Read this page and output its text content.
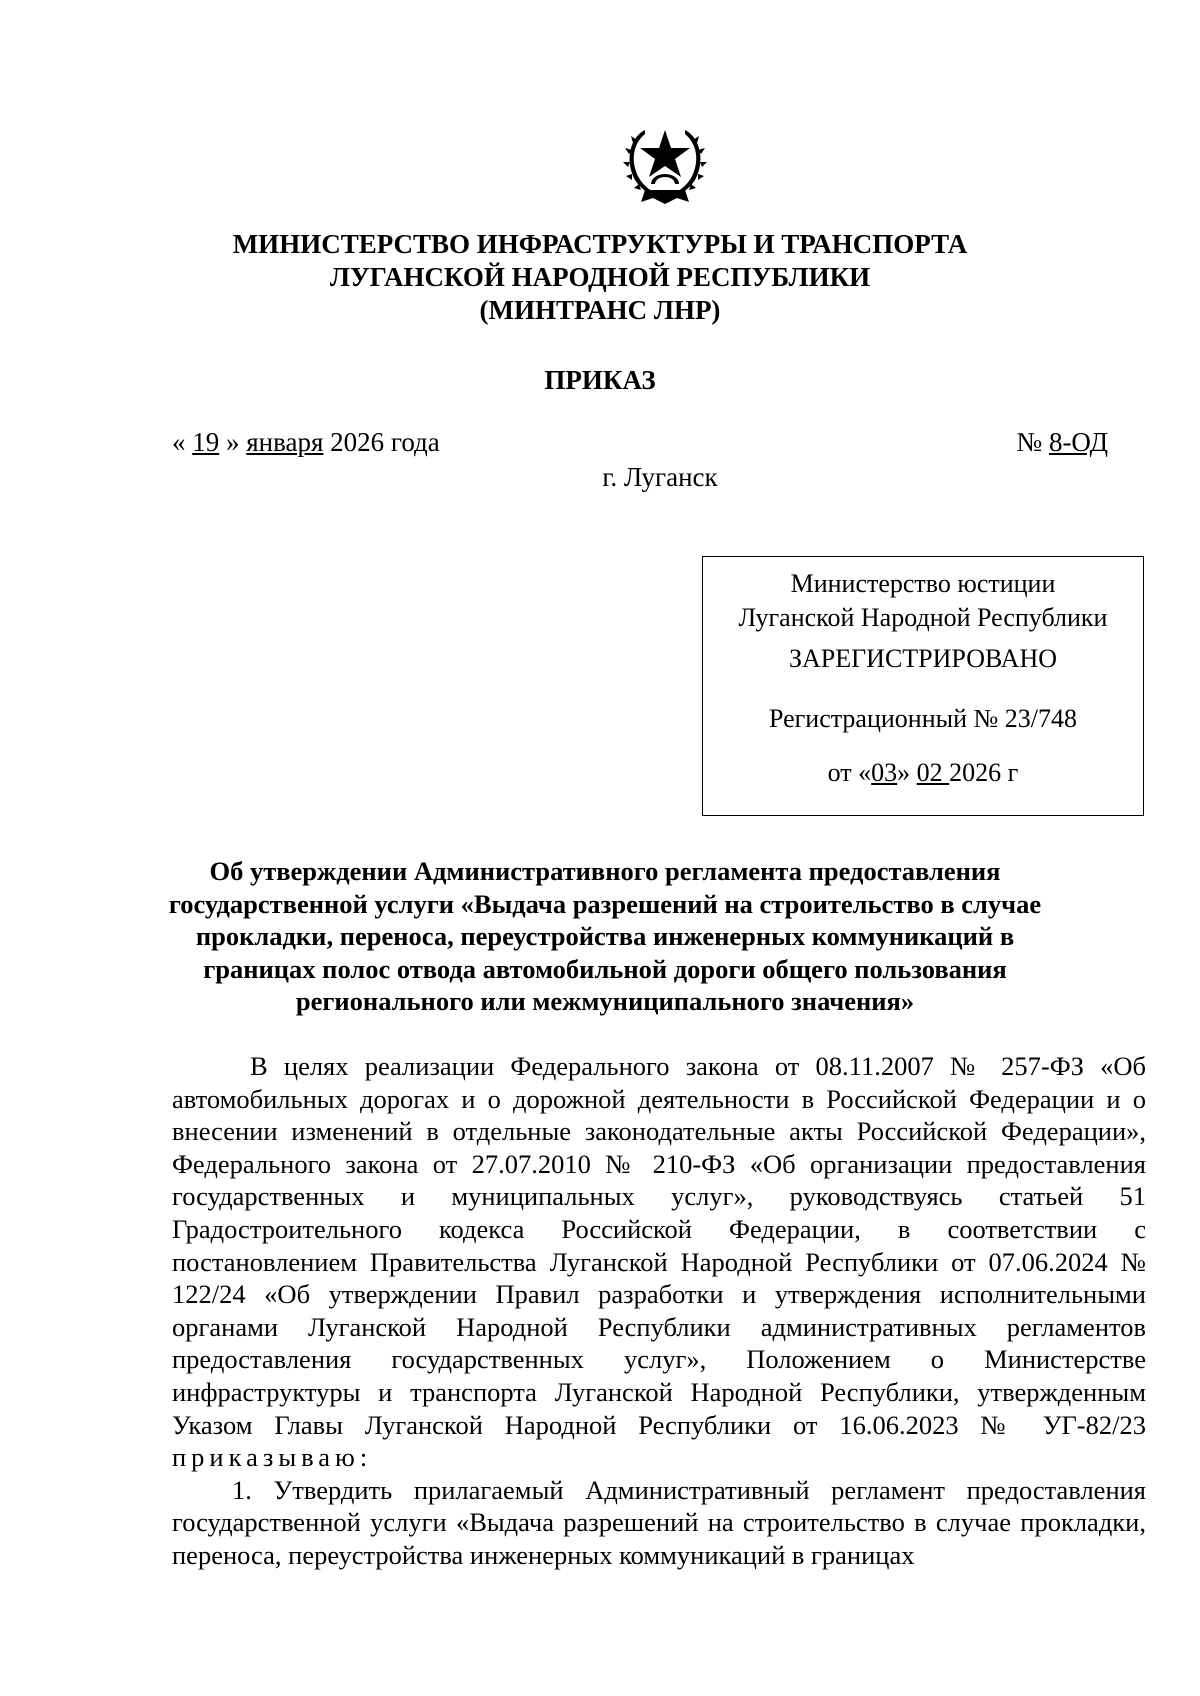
МИНИСТЕРСТВО ИНФРАСТРУКТУРЫ И ТРАНСПОРТА
ЛУГАНСКОЙ НАРОДНОЙ РЕСПУБЛИКИ
(МИНТРАНС ЛНР)
ПРИКАЗ
« 19 » января 2026 года	№ 8-ОД
г. Луганск
Министерство юстиции
Луганской Народной Республики
ЗАРЕГИСТРИРОВАНО
Регистрационный № 23/748
от «03» 02 2026 г
Об утверждении Административного регламента предоставления государственной услуги «Выдача разрешений на строительство в случае прокладки, переноса, переустройства инженерных коммуникаций в границах полос отвода автомобильной дороги общего пользования регионального или межмуниципального значения»

В целях реализации Федерального закона от 08.11.2007 № 257-ФЗ «Об автомобильных дорогах и о дорожной деятельности в Российской Федерации и о внесении изменений в отдельные законодательные акты Российской Федерации», Федерального закона от 27.07.2010 № 210-ФЗ «Об организации предоставления государственных и муниципальных услуг», руководствуясь статьей 51 Градостроительного кодекса Российской Федерации, в соответствии с постановлением Правительства Луганской Народной Республики от 07.06.2024 № 122/24 «Об утверждении Правил разработки и утверждения исполнительными органами Луганской Народной Республики административных регламентов предоставления государственных услуг», Положением о Министерстве инфраструктуры и транспорта Луганской Народной Республики, утвержденным Указом Главы Луганской Народной Республики от 16.06.2023 № УГ-82/23 приказываю:

1. Утвердить прилагаемый Административный регламент предоставления государственной услуги «Выдача разрешений на строительство в случае прокладки, переноса, переустройства инженерных коммуникаций в границах
